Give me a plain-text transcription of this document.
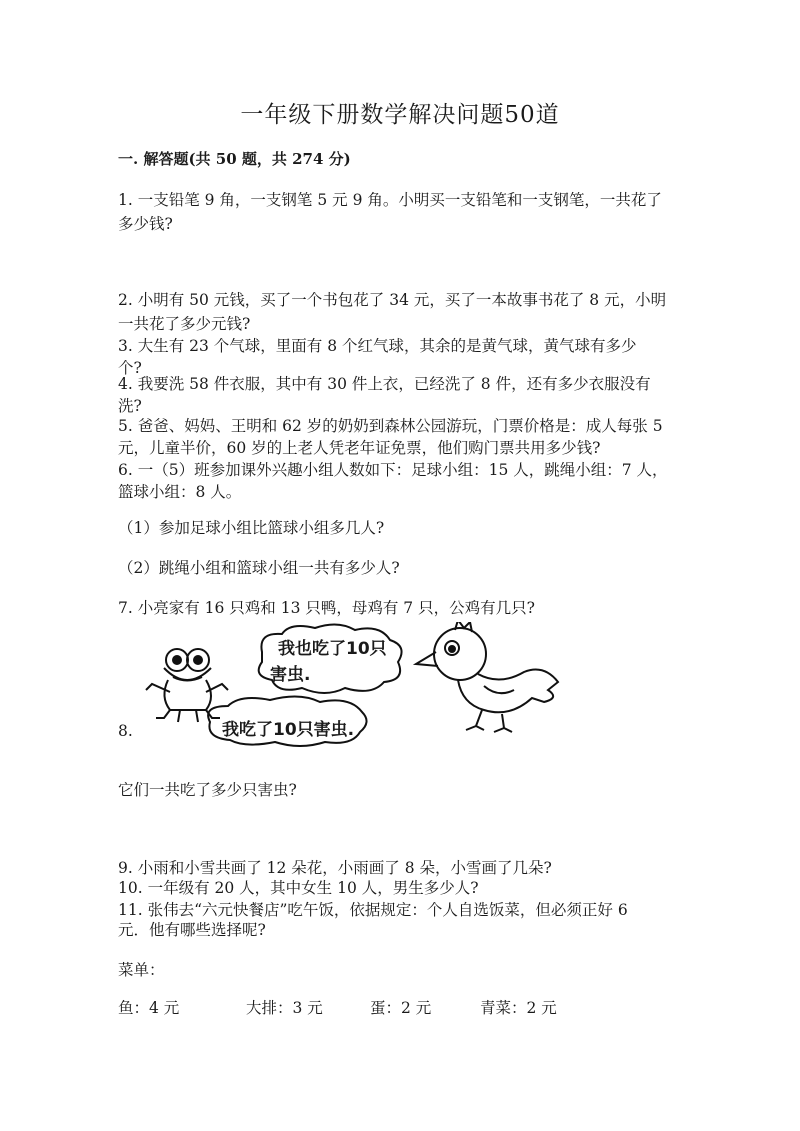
一年级下册数学解决问题50道
一. 解答题(共 50 题，共 274 分)
1. 一支铅笔 9 角，一支钢笔 5 元 9 角。小明买一支铅笔和一支钢笔，一共花了
多少钱?
2. 小明有 50 元钱，买了一个书包花了 34 元，买了一本故事书花了 8 元，小明
一共花了多少元钱?
3. 大生有 23 个气球，里面有 8 个红气球，其余的是黄气球，黄气球有多少
个?
4. 我要洗 58 件衣服，其中有 30 件上衣，已经洗了 8 件，还有多少衣服没有
洗?
5. 爸爸、妈妈、王明和 62 岁的奶奶到森林公园游玩，门票价格是：成人每张 5
元，儿童半价，60 岁的上老人凭老年证免票，他们购门票共用多少钱?
6. 一（5）班参加课外兴趣小组人数如下：足球小组：15 人，跳绳小组：7 人，
篮球小组：8 人。
（1）参加足球小组比篮球小组多几人?
（2）跳绳小组和篮球小组一共有多少人?
7. 小亮家有 16 只鸡和 13 只鸭，母鸡有 7 只，公鸡有几只?
8.
我也吃了10只
害虫.
我吃了10只害虫.
它们一共吃了多少只害虫?
9. 小雨和小雪共画了 12 朵花，小雨画了 8 朵，小雪画了几朵?
10. 一年级有 20 人，其中女生 10 人，男生多少人?
11. 张伟去“六元快餐店”吃午饭，依据规定：个人自选饭菜，但必须正好 6
元．他有哪些选择呢?
菜单：
鱼：4 元	大排：3 元	蛋：2 元	青菜：2 元
